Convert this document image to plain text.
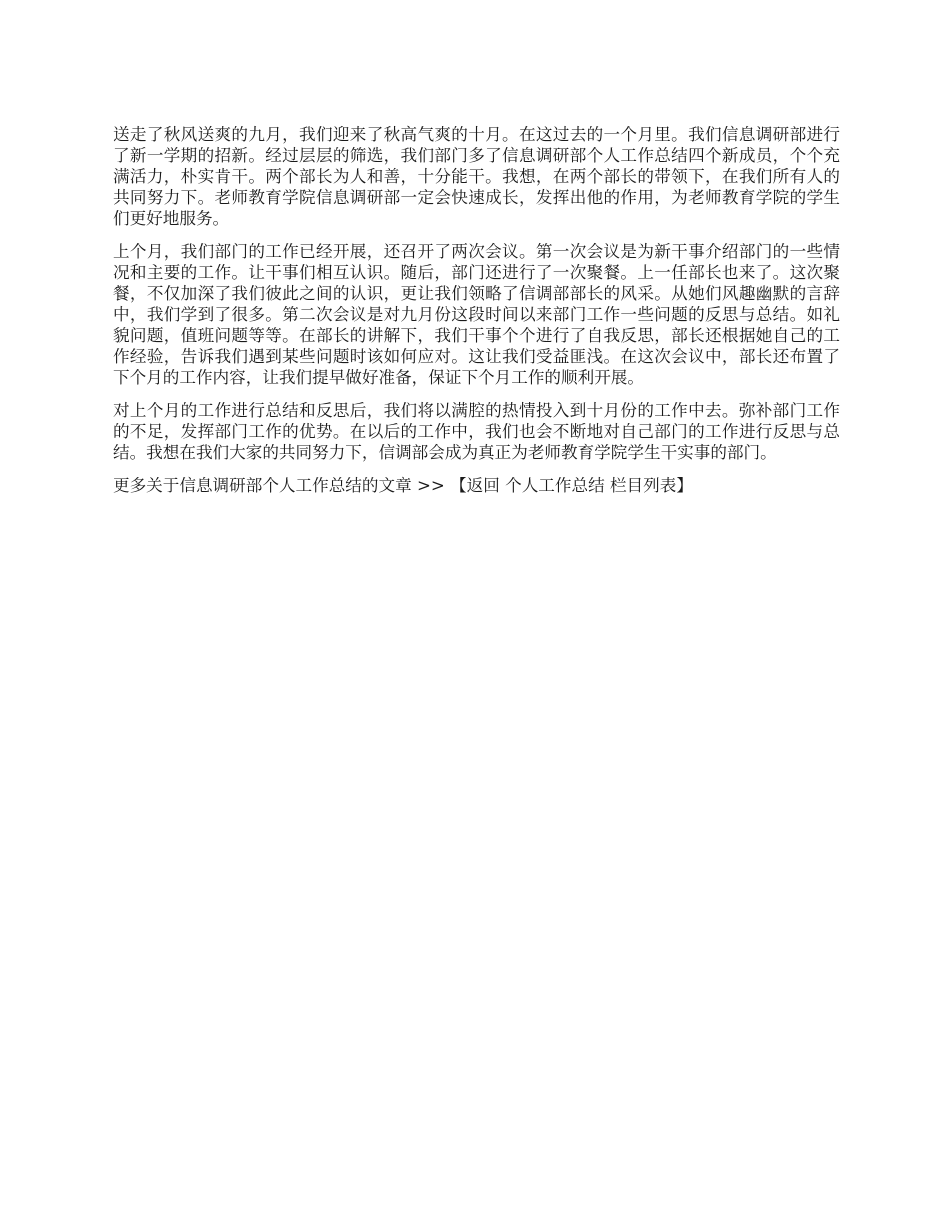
送走了秋风送爽的九月，我们迎来了秋高气爽的十月。在这过去的一个月里。我们信息调研部进行了新一学期的招新。经过层层的筛选，我们部门多了信息调研部个人工作总结四个新成员，个个充满活力，朴实肯干。两个部长为人和善，十分能干。我想，在两个部长的带领下，在我们所有人的共同努力下。老师教育学院信息调研部一定会快速成长，发挥出他的作用，为老师教育学院的学生们更好地服务。

上个月，我们部门的工作已经开展，还召开了两次会议。第一次会议是为新干事介绍部门的一些情况和主要的工作。让干事们相互认识。随后，部门还进行了一次聚餐。上一任部长也来了。这次聚餐，不仅加深了我们彼此之间的认识，更让我们领略了信调部部长的风采。从她们风趣幽默的言辞中，我们学到了很多。第二次会议是对九月份这段时间以来部门工作一些问题的反思与总结。如礼貌问题，值班问题等等。在部长的讲解下，我们干事个个进行了自我反思，部长还根据她自己的工作经验，告诉我们遇到某些问题时该如何应对。这让我们受益匪浅。在这次会议中，部长还布置了下个月的工作内容，让我们提早做好准备，保证下个月工作的顺利开展。

对上个月的工作进行总结和反思后，我们将以满腔的热情投入到十月份的工作中去。弥补部门工作的不足，发挥部门工作的优势。在以后的工作中，我们也会不断地对自己部门的工作进行反思与总结。我想在我们大家的共同努力下，信调部会成为真正为老师教育学院学生干实事的部门。

更多关于信息调研部个人工作总结的文章 >> 【返回 个人工作总结 栏目列表】
